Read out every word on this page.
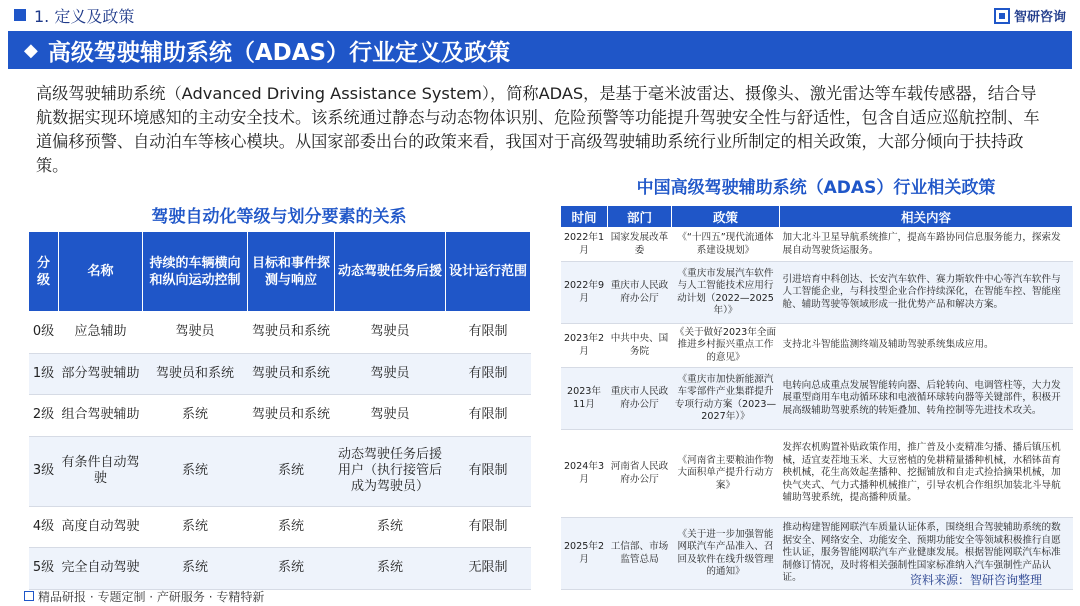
1. 定义及政策	智研咨询
◆ 高级驾驶辅助系统（ADAS）行业定义及政策

高级驾驶辅助系统（Advanced Driving Assistance System），简称ADAS，是基于毫米波雷达、摄像头、激光雷达等车载传感器，结合导航数据实现环境感知的主动安全技术。该系统通过静态与动态物体识别、危险预警等功能提升驾驶安全性与舒适性，包含自适应巡航控制、车道偏移预警、自动泊车等核心模块。从国家部委出台的政策来看，我国对于高级驾驶辅助系统行业所制定的相关政策，大部分倾向于扶持政策。

中国高级驾驶辅助系统（ADAS）行业相关政策
驾驶自动化等级与划分要素的关系
分级	名称	持续的车辆横向和纵向运动控制	目标和事件探测与响应	动态驾驶任务后援	设计运行范围
0级	应急辅助	驾驶员	驾驶员和系统	驾驶员	有限制
1级	部分驾驶辅助	驾驶员和系统	驾驶员和系统	驾驶员	有限制
2级	组合驾驶辅助	系统	驾驶员和系统	驾驶员	有限制
3级	有条件自动驾驶	系统	系统	动态驾驶任务后援用户（执行接管后成为驾驶员）	有限制
4级	高度自动驾驶	系统	系统	系统	有限制
5级	完全自动驾驶	系统	系统	系统	无限制
时间	部门	政策	相关内容
2022年1月	国家发展改革委	《“十四五”现代流通体系建设规划》	加大北斗卫星导航系统推广，提高车路协同信息服务能力，探索发展自动驾驶货运服务。
2022年9月	重庆市人民政府办公厅	《重庆市发展汽车软件与人工智能技术应用行动计划（2022—2025年）》	引进培育中科创达、长安汽车软件、赛力斯软件中心等汽车软件与人工智能企业，与科技型企业合作持续深化，在智能车控、智能座舱、辅助驾驶等领域形成一批优势产品和解决方案。
2023年2月	中共中央、国务院	《关于做好2023年全面推进乡村振兴重点工作的意见》	支持北斗智能监测终端及辅助驾驶系统集成应用。
2023年11月	重庆市人民政府办公厅	《重庆市加快新能源汽车零部件产业集群提升专项行动方案（2023—2027年）》	电转向总成重点发展智能转向器、后轮转向、电调管柱等，大力发展重型商用车电动循环球和电液循环球转向器等关键部件，积极开展高级辅助驾驶系统的转矩叠加、转角控制等先进技术攻关。
2024年3月	河南省人民政府办公厅	《河南省主要粮油作物大面积单产提升行动方案》	发挥农机购置补贴政策作用，推广普及小麦精准匀播、播后镇压机械，适宜麦茬地玉米、大豆密植的免耕精量播种机械，水稻钵苗育秧机械，花生高效起垄播种、挖掘铺放和自走式捡拾摘果机械，加快气夹式、气力式播种机械推广，引导农机合作组织加装北斗导航辅助驾驶系统，提高播种质量。
2025年2月	工信部、市场监管总局	《关于进一步加强智能网联汽车产品准入、召回及软件在线升级管理的通知》	推动构建智能网联汽车质量认证体系，围绕组合驾驶辅助系统的数据安全、网络安全、功能安全、预期功能安全等领域积极推行自愿性认证，服务智能网联汽车产业健康发展。根据智能网联汽车标准制修订情况，及时将相关强制性国家标准纳入汽车强制性产品认证。	资料来源：智研咨询整理
精品研报 · 专题定制 · 产研服务 · 专精特新
